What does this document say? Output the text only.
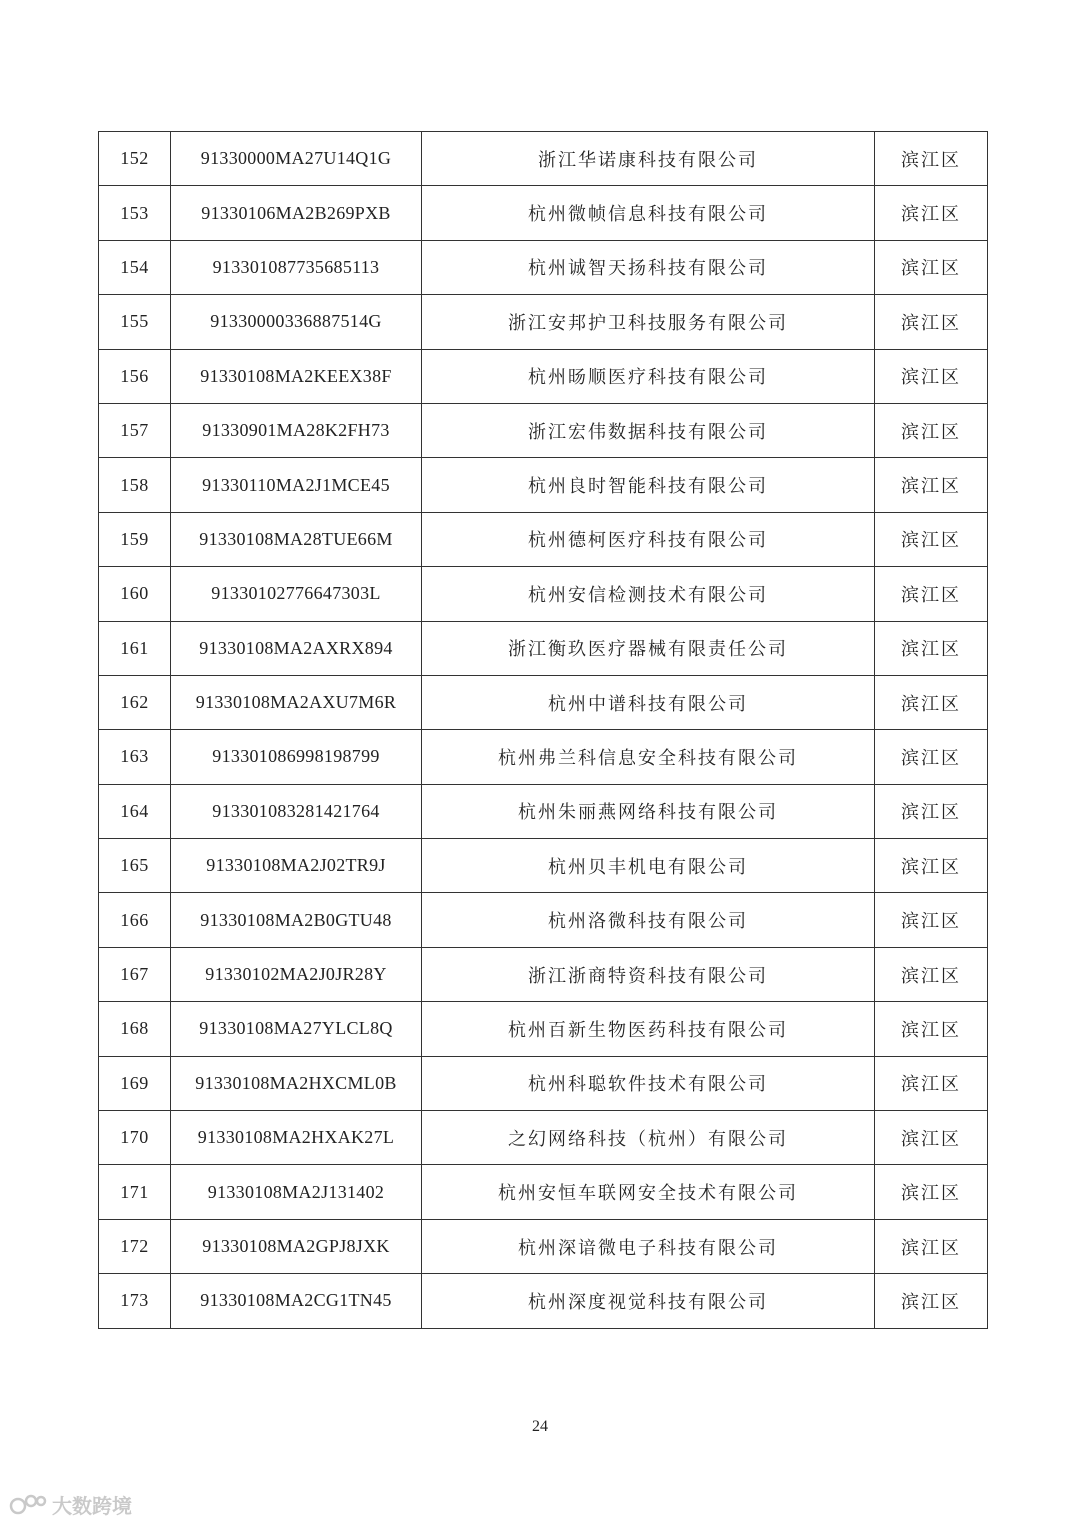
152	91330000MA27U14Q1G	浙江华诺康科技有限公司	滨江区
153	91330106MA2B269PXB	杭州微帧信息科技有限公司	滨江区
154	913301087735685113	杭州诚智天扬科技有限公司	滨江区
155	91330000336887514G	浙江安邦护卫科技服务有限公司	滨江区
156	91330108MA2KEEX38F	杭州旸顺医疗科技有限公司	滨江区
157	91330901MA28K2FH73	浙江宏伟数据科技有限公司	滨江区
158	91330110MA2J1MCE45	杭州良时智能科技有限公司	滨江区
159	91330108MA28TUE66M	杭州德柯医疗科技有限公司	滨江区
160	91330102776647303L	杭州安信检测技术有限公司	滨江区
161	91330108MA2AXRX894	浙江衡玖医疗器械有限责任公司	滨江区
162	91330108MA2AXU7M6R	杭州中谱科技有限公司	滨江区
163	913301086998198799	杭州弗兰科信息安全科技有限公司	滨江区
164	913301083281421764	杭州朱丽燕网络科技有限公司	滨江区
165	91330108MA2J02TR9J	杭州贝丰机电有限公司	滨江区
166	91330108MA2B0GTU48	杭州洛微科技有限公司	滨江区
167	91330102MA2J0JR28Y	浙江浙商特资科技有限公司	滨江区
168	91330108MA27YLCL8Q	杭州百新生物医药科技有限公司	滨江区
169	91330108MA2HXCML0B	杭州科聪软件技术有限公司	滨江区
170	91330108MA2HXAK27L	之幻网络科技（杭州）有限公司	滨江区
171	91330108MA2J131402	杭州安恒车联网安全技术有限公司	滨江区
172	91330108MA2GPJ8JXK	杭州深谙微电子科技有限公司	滨江区
173	91330108MA2CG1TN45	杭州深度视觉科技有限公司	滨江区
24
大数跨境
